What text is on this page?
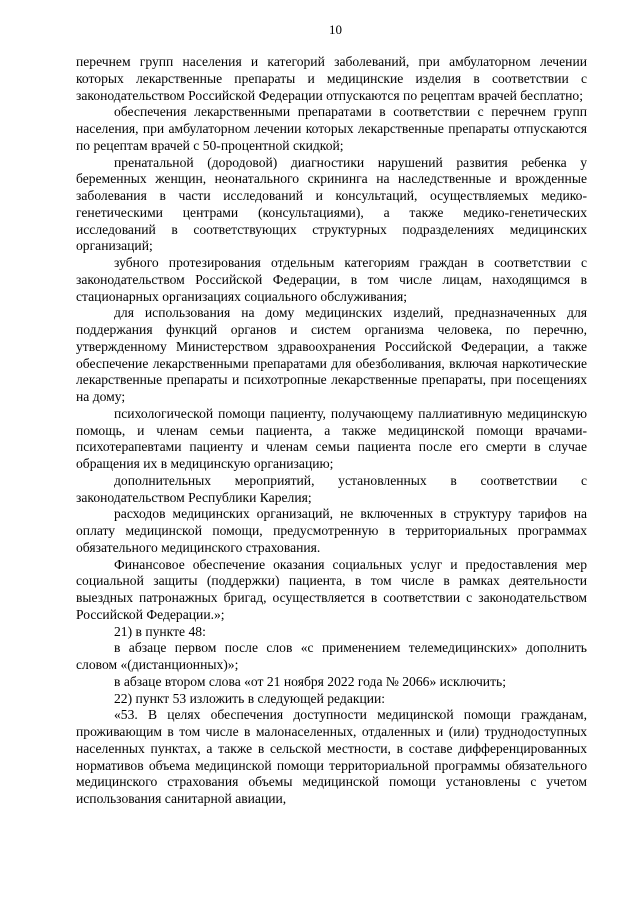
10

перечнем групп населения и категорий заболеваний, при амбулаторном лечении которых лекарственные препараты и медицинские изделия в соответствии с законодательством Российской Федерации отпускаются по рецептам врачей бесплатно;

обеспечения лекарственными препаратами в соответствии с перечнем групп населения, при амбулаторном лечении которых лекарственные препараты отпускаются по рецептам врачей с 50-процентной скидкой;

пренатальной (дородовой) диагностики нарушений развития ребенка у беременных женщин, неонатального скрининга на наследственные и врожденные заболевания в части исследований и консультаций, осуществляемых медико-генетическими центрами (консультациями), а также медико-генетических исследований в соответствующих структурных подразделениях медицинских организаций;

зубного протезирования отдельным категориям граждан в соответствии с законодательством Российской Федерации, в том числе лицам, находящимся в стационарных организациях социального обслуживания;

для использования на дому медицинских изделий, предназначенных для поддержания функций органов и систем организма человека, по перечню, утвержденному Министерством здравоохранения Российской Федерации, а также обеспечение лекарственными препаратами для обезболивания, включая наркотические лекарственные препараты и психотропные лекарственные препараты, при посещениях на дому;

психологической помощи пациенту, получающему паллиативную медицинскую помощь, и членам семьи пациента, а также медицинской помощи врачами-психотерапевтами пациенту и членам семьи пациента после его смерти в случае обращения их в медицинскую организацию;

дополнительных мероприятий, установленных в соответствии с законодательством Республики Карелия;

расходов медицинских организаций, не включенных в структуру тарифов на оплату медицинской помощи, предусмотренную в территориальных программах обязательного медицинского страхования.

Финансовое обеспечение оказания социальных услуг и предоставления мер социальной защиты (поддержки) пациента, в том числе в рамках деятельности выездных патронажных бригад, осуществляется в соответствии с законодательством Российской Федерации.»;

21) в пункте 48:

в абзаце первом после слов «с применением телемедицинских» дополнить словом «(дистанционных)»;

в абзаце втором слова «от 21 ноября 2022 года № 2066» исключить;

22) пункт 53 изложить в следующей редакции:

«53. В целях обеспечения доступности медицинской помощи гражданам, проживающим в том числе в малонаселенных, отдаленных и (или) труднодоступных населенных пунктах, а также в сельской местности, в составе дифференцированных нормативов объема медицинской помощи территориальной программы обязательного медицинского страхования объемы медицинской помощи установлены с учетом использования санитарной авиации,
